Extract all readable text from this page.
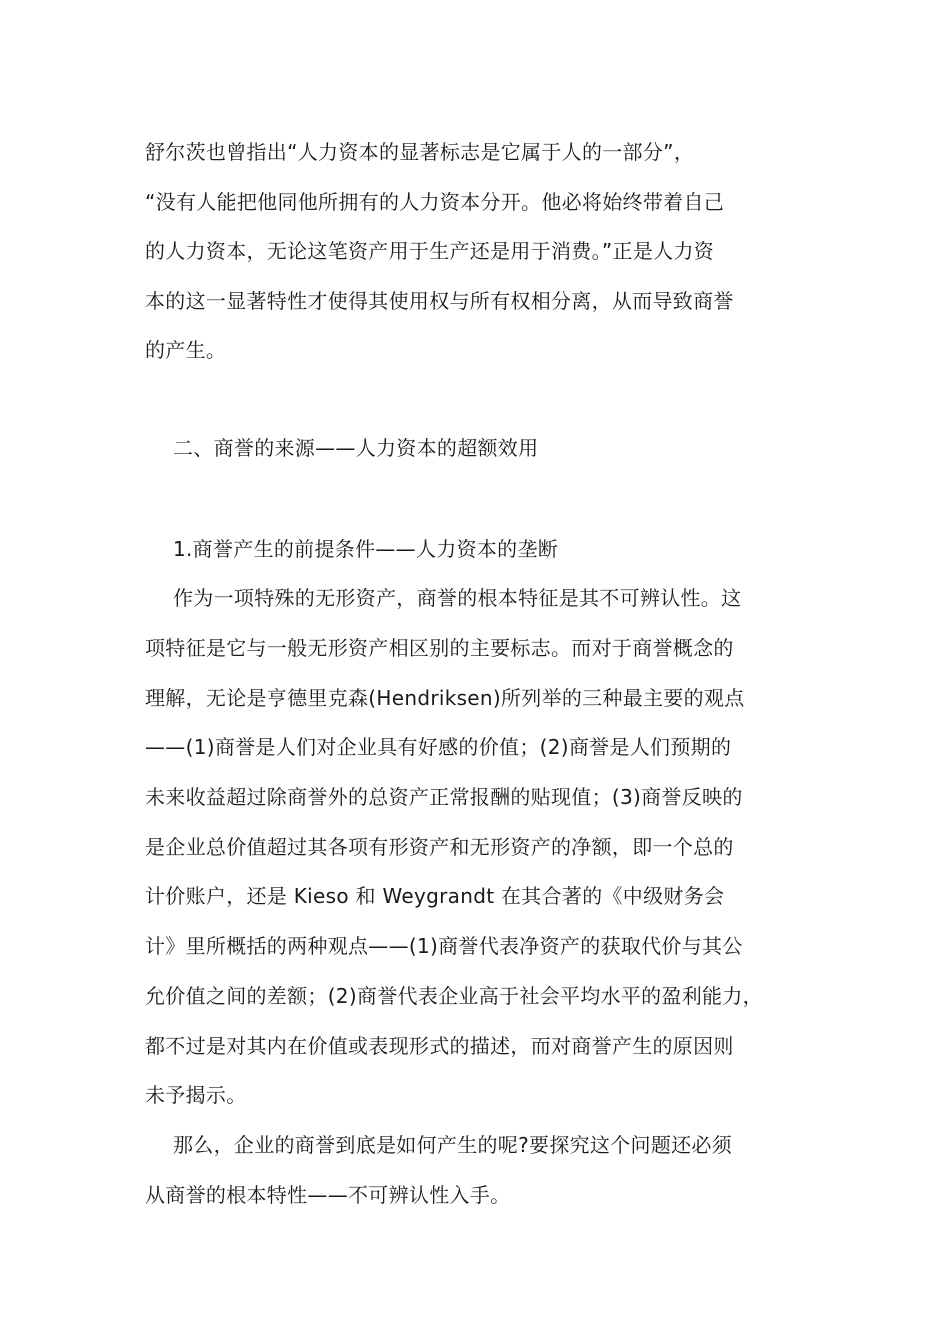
舒尔茨也曾指出“人力资本的显著标志是它属于人的一部分”，
“没有人能把他同他所拥有的人力资本分开。他必将始终带着自己
的人力资本，无论这笔资产用于生产还是用于消费。”正是人力资
本的这一显著特性才使得其使用权与所有权相分离，从而导致商誉
的产生。
二、商誉的来源——人力资本的超额效用
1.商誉产生的前提条件——人力资本的垄断
作为一项特殊的无形资产，商誉的根本特征是其不可辨认性。这
项特征是它与一般无形资产相区别的主要标志。而对于商誉概念的
理解，无论是亨德里克森(Hendriksen)所列举的三种最主要的观点
——(1)商誉是人们对企业具有好感的价值；(2)商誉是人们预期的
未来收益超过除商誉外的总资产正常报酬的贴现值；(3)商誉反映的
是企业总价值超过其各项有形资产和无形资产的净额，即一个总的
计价账户，还是 Kieso 和 Weygrandt 在其合著的《中级财务会
计》里所概括的两种观点——(1)商誉代表净资产的获取代价与其公
允价值之间的差额；(2)商誉代表企业高于社会平均水平的盈利能力，
都不过是对其内在价值或表现形式的描述，而对商誉产生的原因则
未予揭示。
那么，企业的商誉到底是如何产生的呢?要探究这个问题还必须
从商誉的根本特性——不可辨认性入手。
